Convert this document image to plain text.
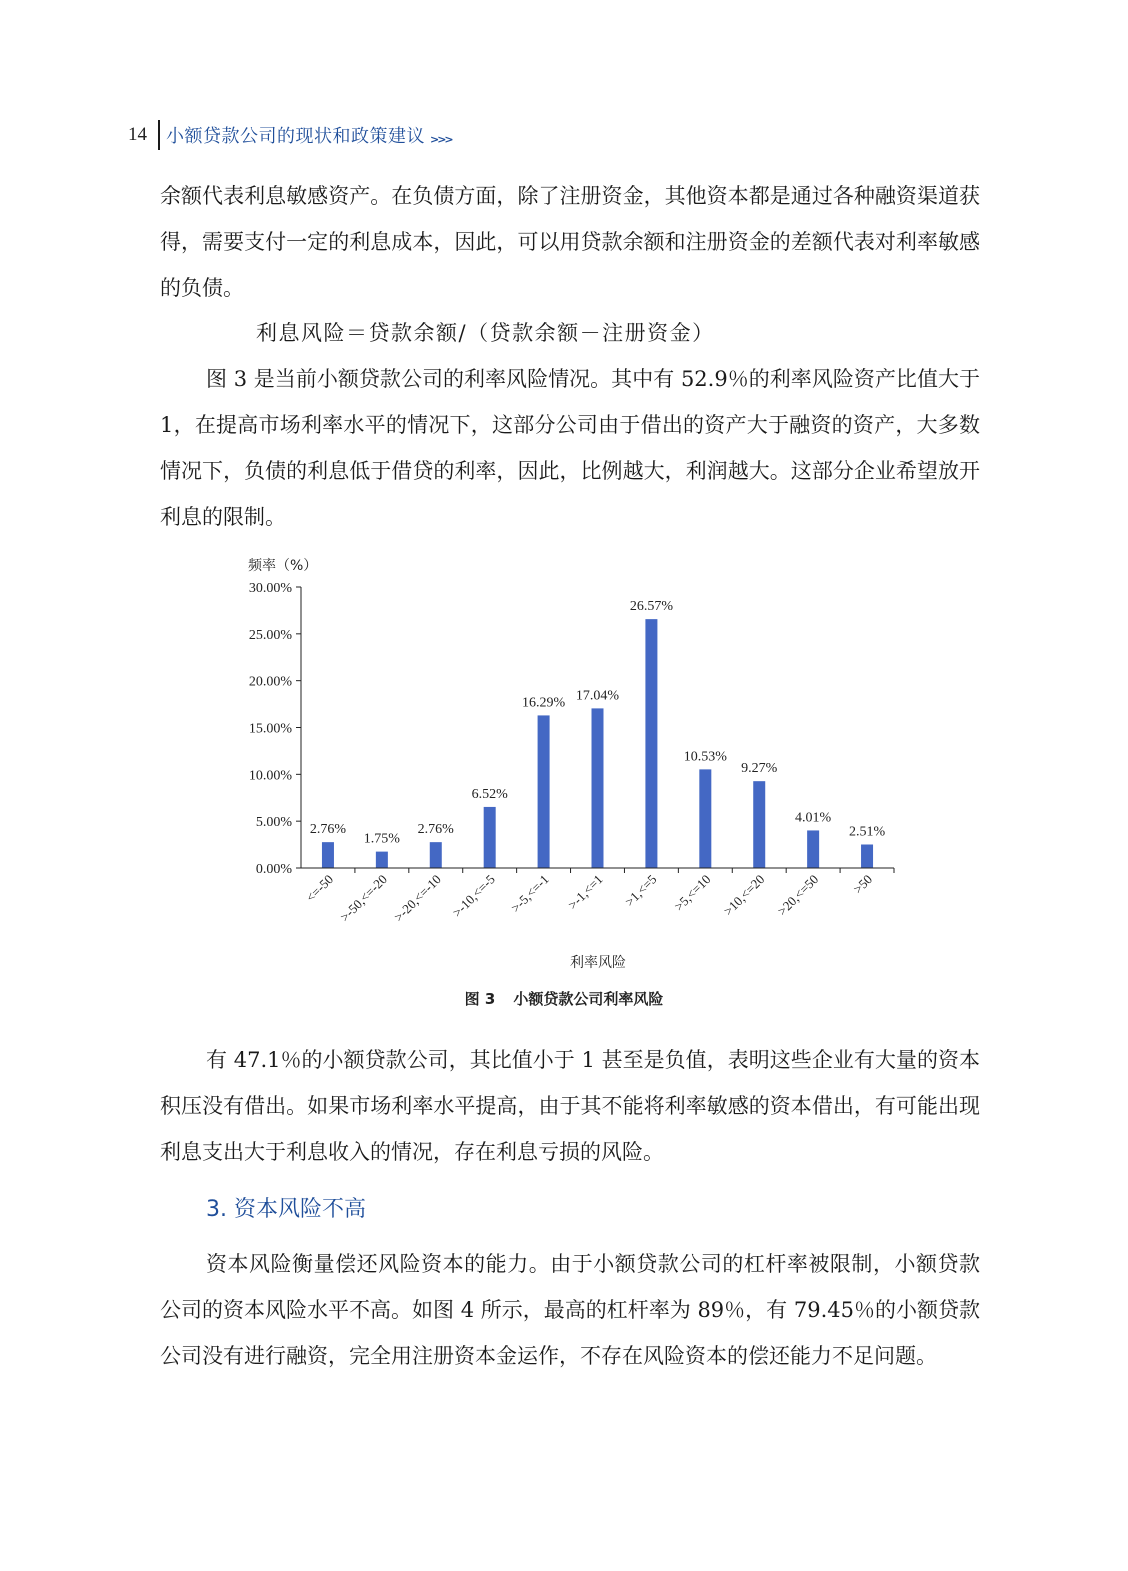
14	小额贷款公司的现状和政策建议 >>>

余额代表利息敏感资产。在负债方面，除了注册资金，其他资本都是通过各种融资渠道获得，需要支付一定的利息成本，因此，可以用贷款余额和注册资金的差额代表对利率敏感的负债。

利息风险＝贷款余额/（贷款余额－注册资金）

图 3 是当前小额贷款公司的利率风险情况。其中有 52.9％的利率风险资产比值大于 1，在提高市场利率水平的情况下，这部分公司由于借出的资产大于融资的资产，大多数情况下，负债的利息低于借贷的利率，因此，比例越大，利润越大。这部分企业希望放开利息的限制。

0.00%
5.00%
10.00%
15.00%
20.00%
25.00%
30.00%
2.76%
1.75%
2.76%
6.52%
16.29% 17.04%
26.57%
10.53%
9.27%
4.01%
2.51%
<=-50 >-50,<=-20 >-20,<=-10 >-10,<=-5 >-5,<=-1 >-1,<=1 >1,<=5 >5,<=10 >10,<=20 >20,<=50 >50
频率（%）
利率风险
图 3 小额贷款公司利率风险

有 47.1％的小额贷款公司，其比值小于 1 甚至是负值，表明这些企业有大量的资本积压没有借出。如果市场利率水平提高，由于其不能将利率敏感的资本借出，有可能出现利息支出大于利息收入的情况，存在利息亏损的风险。

3. 资本风险不高

资本风险衡量偿还风险资本的能力。由于小额贷款公司的杠杆率被限制，小额贷款公司的资本风险水平不高。如图 4 所示，最高的杠杆率为 89％，有 79.45％的小额贷款公司没有进行融资，完全用注册资本金运作，不存在风险资本的偿还能力不足问题。
